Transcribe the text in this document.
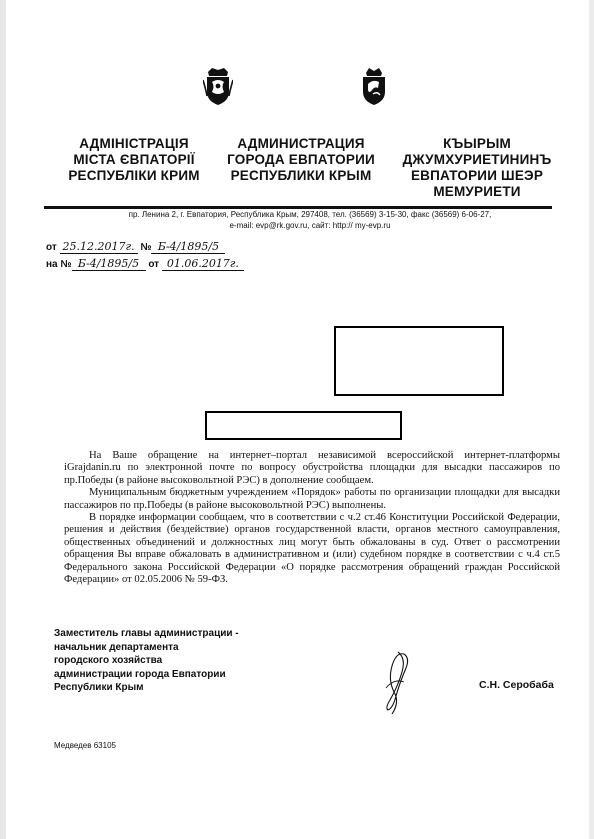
АДМІНІСТРАЦІЯ
МІСТА ЄВПАТОРІЇ
РЕСПУБЛІКИ КРИМ
АДМИНИСТРАЦИЯ
ГОРОДА ЕВПАТОРИИ
РЕСПУБЛИКИ КРЫМ
КЪЫРЫМ
ДЖУМХУРИЕТИНИНЪ
ЕВПАТОРИИ ШЕЭР
МЕМУРИЕТИ
пр. Ленина 2, г. Евпатория, Республика Крым, 297408, тел. (36569) 3-15-30, факс (36569) 6-06-27,
e-mail: evp@rk.gov.ru, сайт: http:// my-evp.ru
от 25.12.2017г. № Б-4/1895/5
на № Б-4/1895/5 от 01.06.2017г.

На Ваше обращение на интернет–портал независимой всероссийской интернет-платформы iGrajdanin.ru по электронной почте по вопросу обустройства площадки для высадки пассажиров по пр.Победы (в районе высоковольтной РЭС) в дополнение сообщаем.

Муниципальным бюджетным учреждением «Порядок» работы по организации площадки для высадки пассажиров по пр.Победы (в районе высоковольтной РЭС) выполнены.

В порядке информации сообщаем, что в соответствии с ч.2 ст.46 Конституции Российской Федерации, решения и действия (бездействие) органов государственной власти, органов местного самоуправления, общественных объединений и должностных лиц могут быть обжалованы в суд. Ответ о рассмотрении обращения Вы вправе обжаловать в административном и (или) судебном порядке в соответствии с ч.4 ст.5 Федерального закона Российской Федерации «О порядке рассмотрения обращений граждан Российской Федерации» от 02.05.2006 № 59-ФЗ.

Заместитель главы администрации -
начальник департамента
городского хозяйства
администрации города Евпатории
Республики Крым	С.Н. Серобаба
Медведев 63105
